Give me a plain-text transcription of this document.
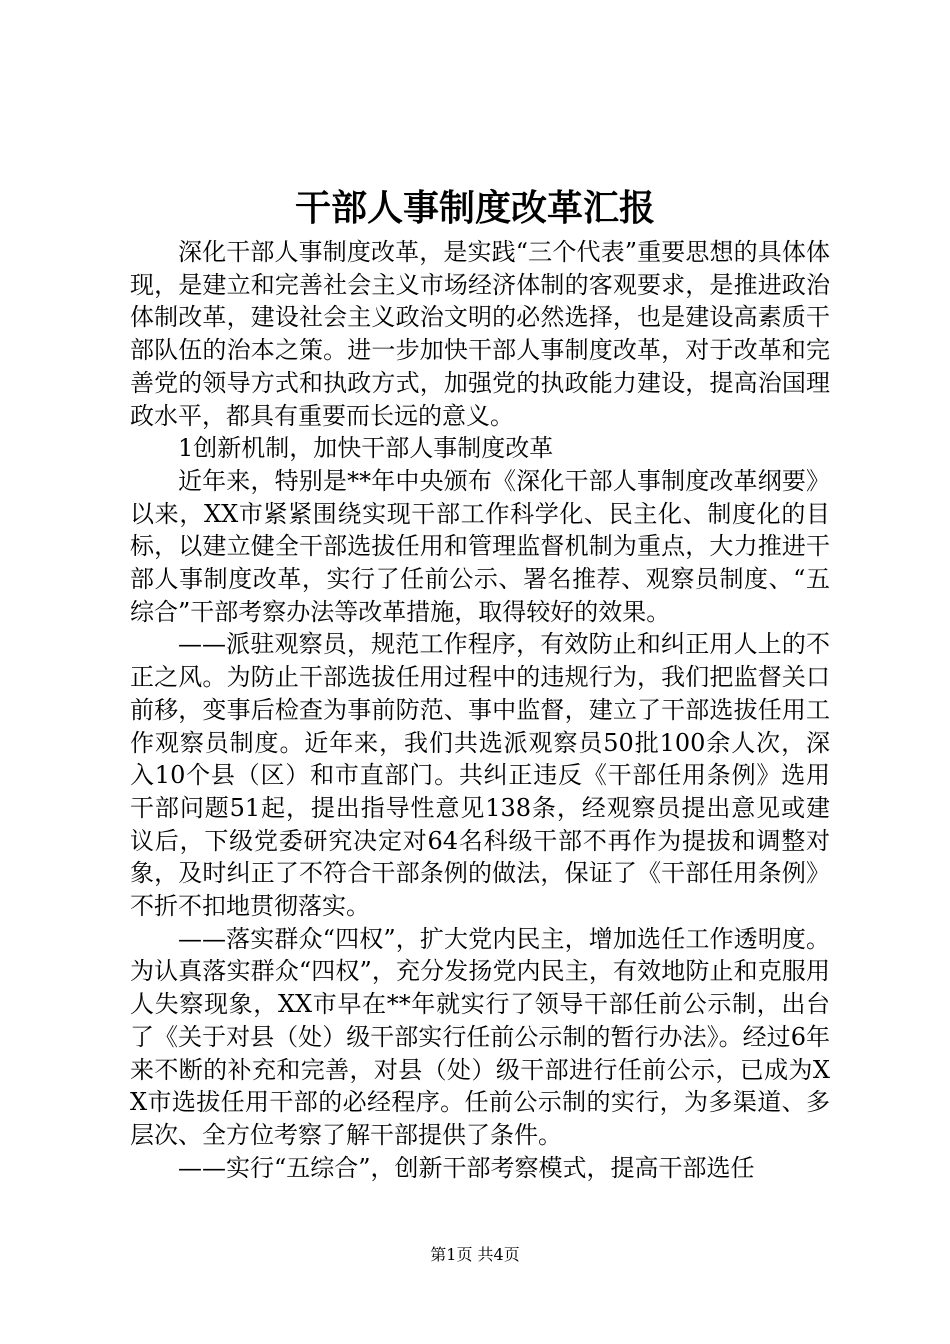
干部人事制度改革汇报

深化干部人事制度改革，是实践“三个代表”重要思想的具体体现，是建立和完善社会主义市场经济体制的客观要求，是推进政治体制改革，建设社会主义政治文明的必然选择，也是建设高素质干部队伍的治本之策。进一步加快干部人事制度改革，对于改革和完善党的领导方式和执政方式，加强党的执政能力建设，提高治国理政水平，都具有重要而长远的意义。

1创新机制，加快干部人事制度改革

近年来，特别是**年中央颁布《深化干部人事制度改革纲要》以来，XX市紧紧围绕实现干部工作科学化、民主化、制度化的目标，以建立健全干部选拔任用和管理监督机制为重点，大力推进干部人事制度改革，实行了任前公示、署名推荐、观察员制度、“五综合”干部考察办法等改革措施，取得较好的效果。

——派驻观察员，规范工作程序，有效防止和纠正用人上的不正之风。为防止干部选拔任用过程中的违规行为，我们把监督关口前移，变事后检查为事前防范、事中监督，建立了干部选拔任用工作观察员制度。近年来，我们共选派观察员50批100余人次，深入10个县（区）和市直部门。共纠正违反《干部任用条例》选用干部问题51起，提出指导性意见138条，经观察员提出意见或建议后，下级党委研究决定对64名科级干部不再作为提拔和调整对象，及时纠正了不符合干部条例的做法，保证了《干部任用条例》不折不扣地贯彻落实。

——落实群众“四权”，扩大党内民主，增加选任工作透明度。为认真落实群众“四权”，充分发扬党内民主，有效地防止和克服用人失察现象，XX市早在**年就实行了领导干部任前公示制，出台了《关于对县（处）级干部实行任前公示制的暂行办法》。经过6年来不断的补充和完善，对县（处）级干部进行任前公示，已成为XX市选拔任用干部的必经程序。任前公示制的实行，为多渠道、多层次、全方位考察了解干部提供了条件。

——实行“五综合”，创新干部考察模式，提高干部选任

第1页 共4页
